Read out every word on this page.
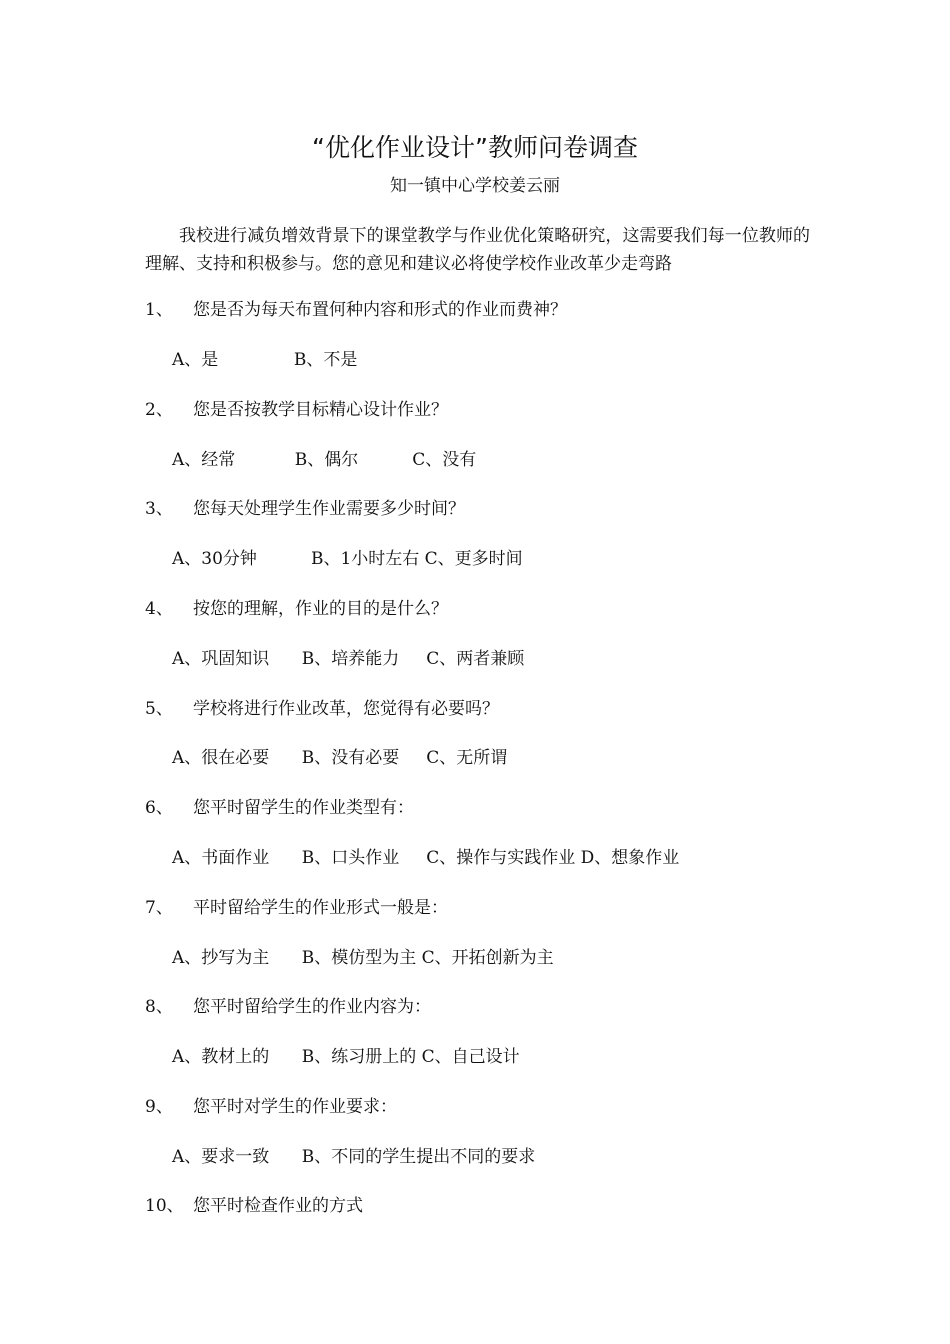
“优化作业设计”教师问卷调查
知一镇中心学校姜云丽

我校进行减负增效背景下的课堂教学与作业优化策略研究，这需要我们每一位教师的理解、支持和积极参与。您的意见和建议必将使学校作业改革少走弯路

1、 您是否为每天布置何种内容和形式的作业而费神？
A、是              B、不是
2、 您是否按教学目标精心设计作业？
A、经常           B、偶尔          C、没有
3、 您每天处理学生作业需要多少时间？
A、30分钟          B、1小时左右 C、更多时间
4、 按您的理解，作业的目的是什么？
A、巩固知识      B、培养能力     C、两者兼顾
5、 学校将进行作业改革，您觉得有必要吗？
A、很在必要      B、没有必要     C、无所谓
6、 您平时留学生的作业类型有：
A、书面作业      B、口头作业     C、操作与实践作业 D、想象作业
7、 平时留给学生的作业形式一般是：
A、抄写为主      B、模仿型为主 C、开拓创新为主
8、 您平时留给学生的作业内容为：
A、教材上的      B、练习册上的 C、自己设计
9、 您平时对学生的作业要求：
A、要求一致      B、不同的学生提出不同的要求
10、 您平时检查作业的方式
